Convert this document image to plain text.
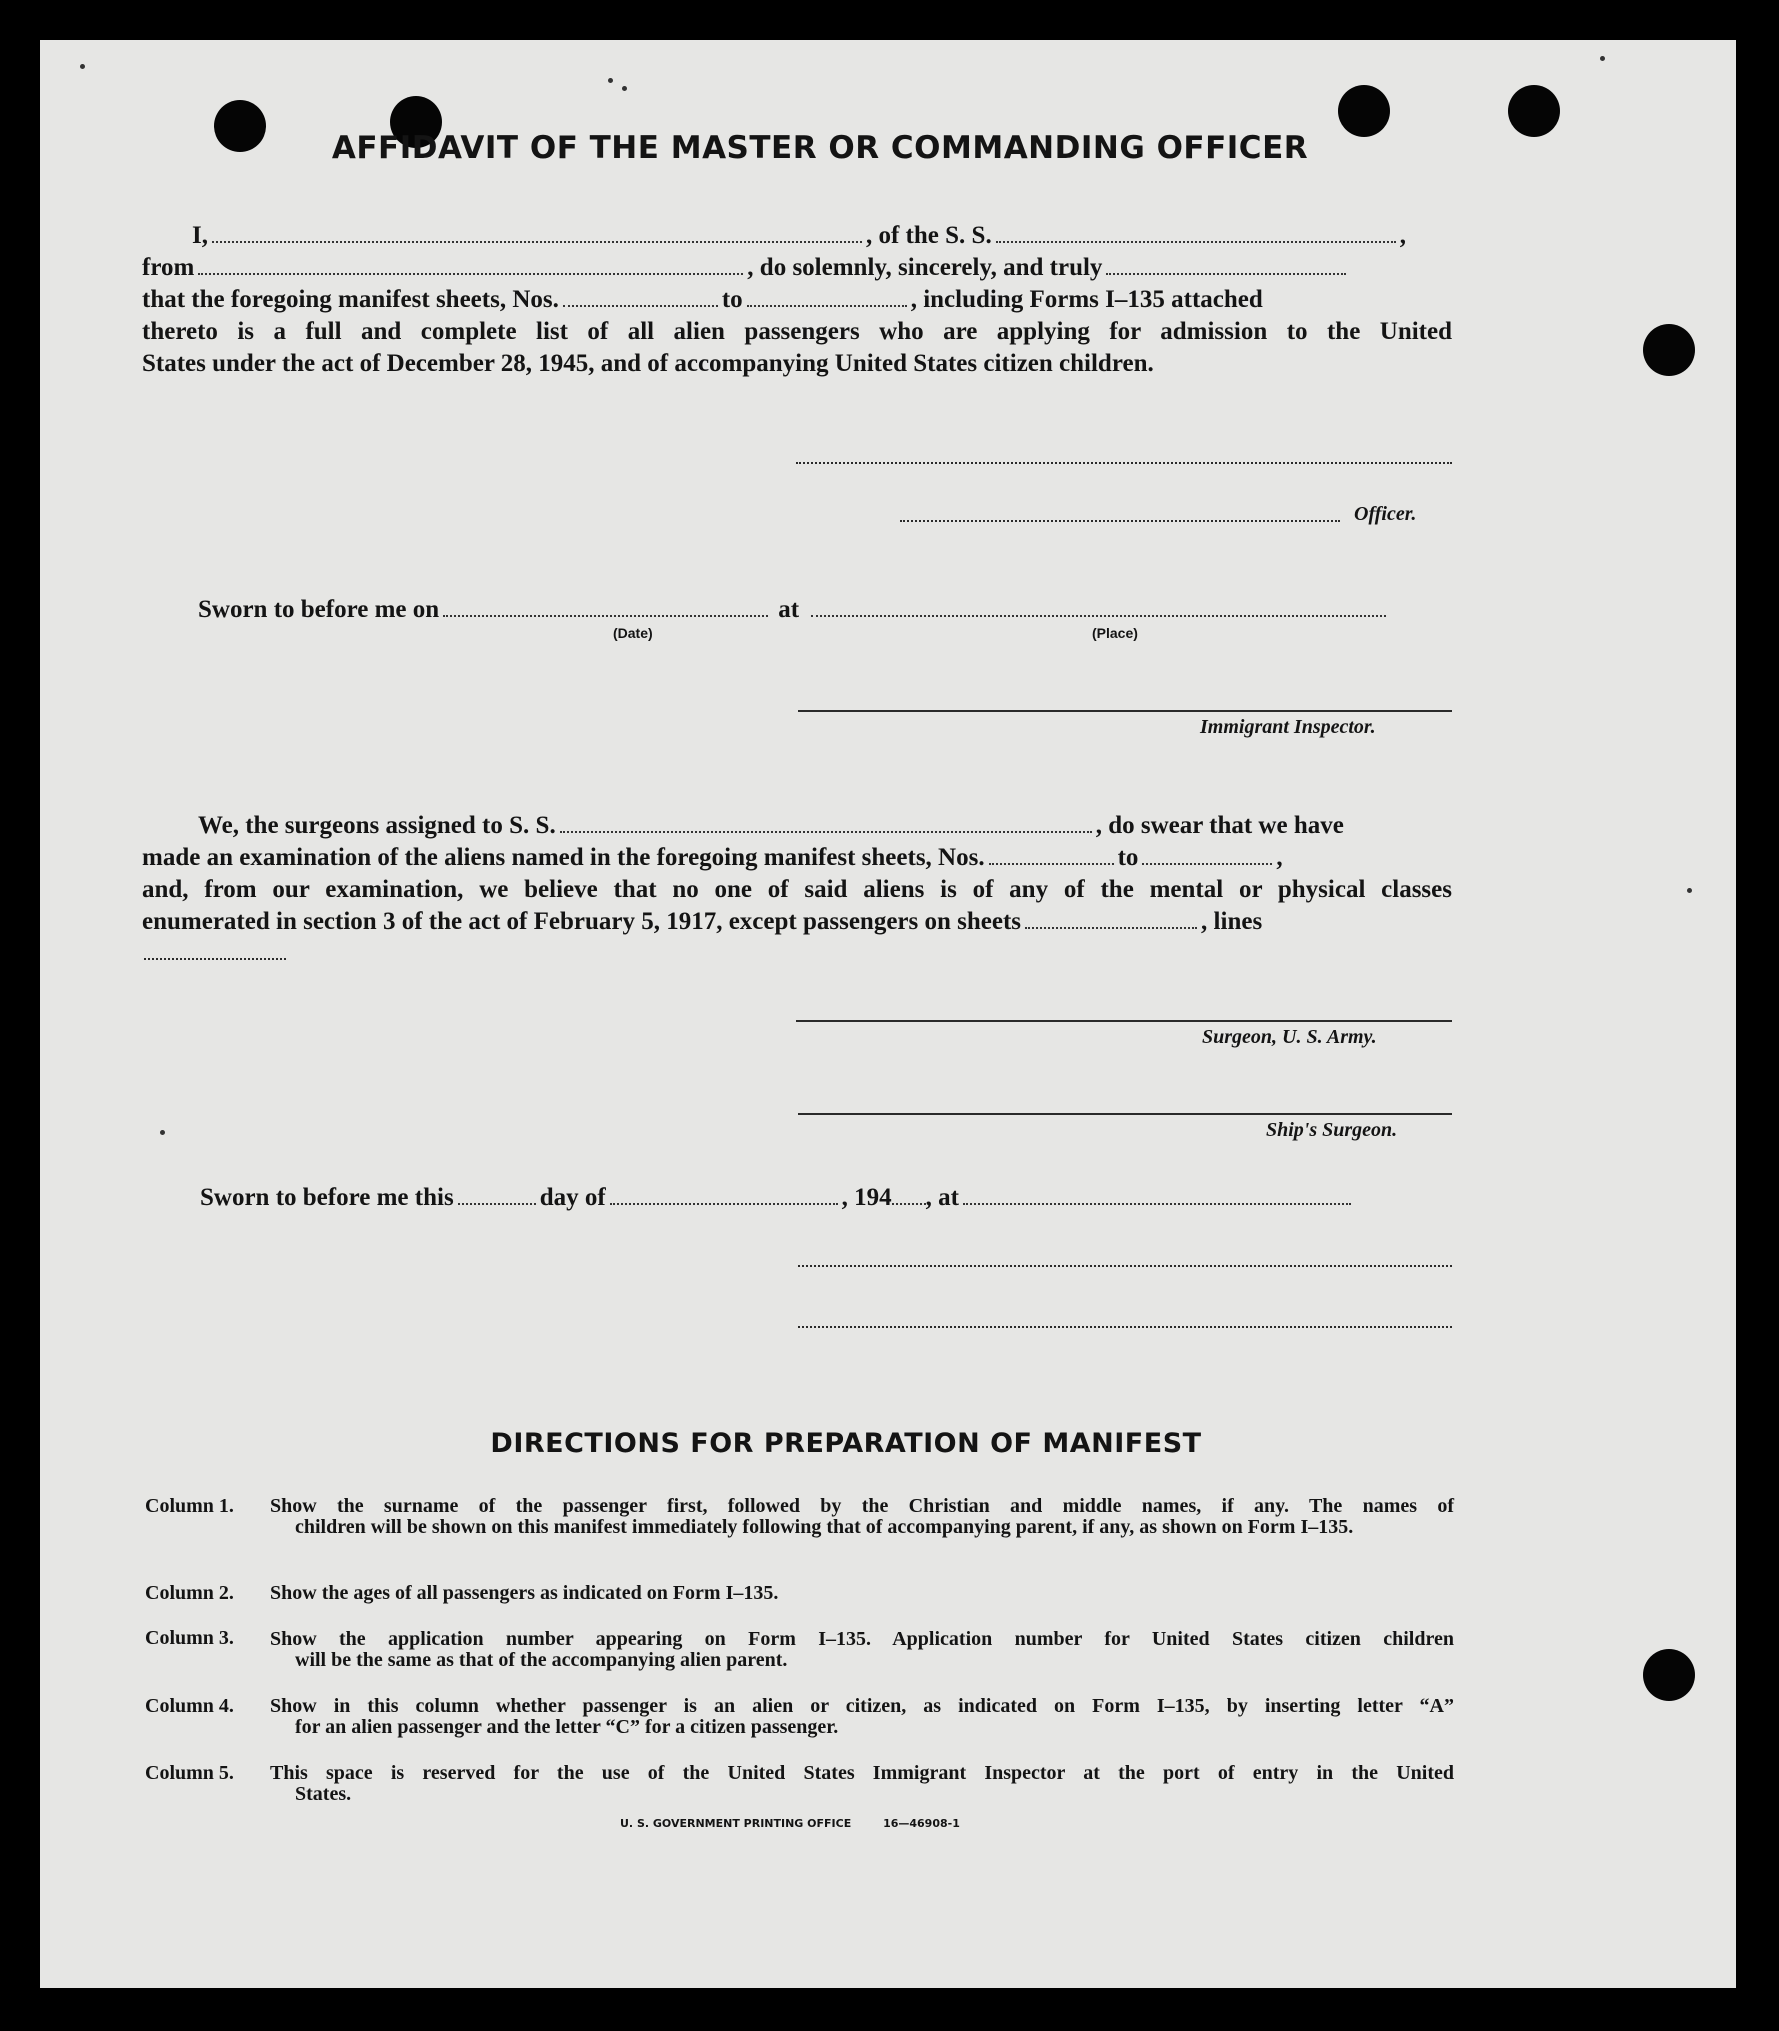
AFFIDAVIT OF THE MASTER OR COMMANDING OFFICER
I,	, of the S. S.	,
from	, do solemnly, sincerely, and truly
that the foregoing manifest sheets, Nos.	to	, including Forms I–135 attached
thereto is a full and complete list of all alien passengers who are applying for admission to the United
States under the act of December 28, 1945, and of accompanying United States citizen children.
Officer.
Sworn to before me on	at
(Date)	(Place)
Immigrant Inspector.
We, the surgeons assigned to S. S.	, do swear that we have
made an examination of the aliens named in the foregoing manifest sheets, Nos.	to	,
and, from our examination, we believe that no one of said aliens is of any of the mental or physical classes
enumerated in section 3 of the act of February 5, 1917, except passengers on sheets	, lines
Surgeon, U. S. Army.
Ship's Surgeon.
Sworn to before me this	day of	, 194 , at
DIRECTIONS FOR PREPARATION OF MANIFEST
Column 1. Show the surname of the passenger first, followed by the Christian and middle names, if any. The names of
children will be shown on this manifest immediately following that of accompanying parent, if any, as shown on Form I–135.
Column 2. Show the ages of all passengers as indicated on Form I–135.
Column 3. Show the application number appearing on Form I–135. Application number for United States citizen children
will be the same as that of the accompanying alien parent.
Column 4. Show in this column whether passenger is an alien or citizen, as indicated on Form I–135, by inserting letter “A”
for an alien passenger and the letter “C” for a citizen passenger.
Column 5. This space is reserved for the use of the United States Immigrant Inspector at the port of entry in the United
States.
U. S. GOVERNMENT PRINTING OFFICE	16—46908-1
